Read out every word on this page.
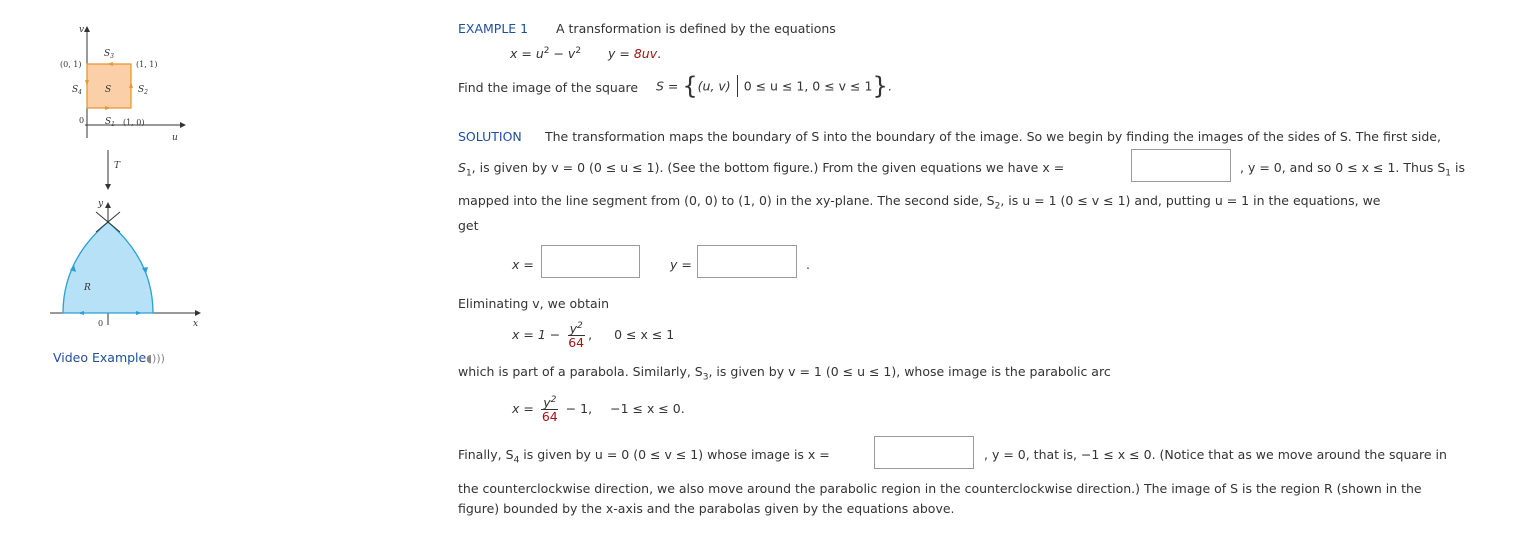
v
u
(0, 1)	(1, 1)
(1, 0)
0
$S_3$
$S_4$	$S_2$
$S_1$
S
T
y
x
R
0
Video Example◖)))
EXAMPLE 1 A transformation is defined by the equations
$x = u^2 - v^2$ y = 8uv.
Find the image of the square S = {(u, v) 0 ≤ u ≤ 1, 0 ≤ v ≤ 1}.
SOLUTION The transformation maps the boundary of S into the boundary of the image. So we begin by finding the images of the sides of S. The first side,
$S_1$, is given by v = 0 (0 ≤ u ≤ 1). (See the bottom figure.) From the given equations we have x =	, y = 0, and so 0 ≤ x ≤ 1. Thus $S_1$ is
mapped into the line segment from (0, 0) to (1, 0) in the xy-plane. The second side, $S_2$, is u = 1 (0 ≤ v ≤ 1) and, putting u = 1 in the equations, we
get
x =	y =	.
Eliminating v, we obtain
$x = 1 - \frac{y^2}{64}$ , 0 ≤ x ≤ 1
which is part of a parabola. Similarly, $S_3$, is given by v = 1 (0 ≤ u ≤ 1), whose image is the parabolic arc
$x = \frac{y^2}{64} - 1$, −1 ≤ x ≤ 0.
Finally, $S_4$ is given by u = 0 (0 ≤ v ≤ 1) whose image is x =	, y = 0, that is, −1 ≤ x ≤ 0. (Notice that as we move around the square in
the counterclockwise direction, we also move around the parabolic region in the counterclockwise direction.) The image of S is the region R (shown in the
figure) bounded by the x-axis and the parabolas given by the equations above.
